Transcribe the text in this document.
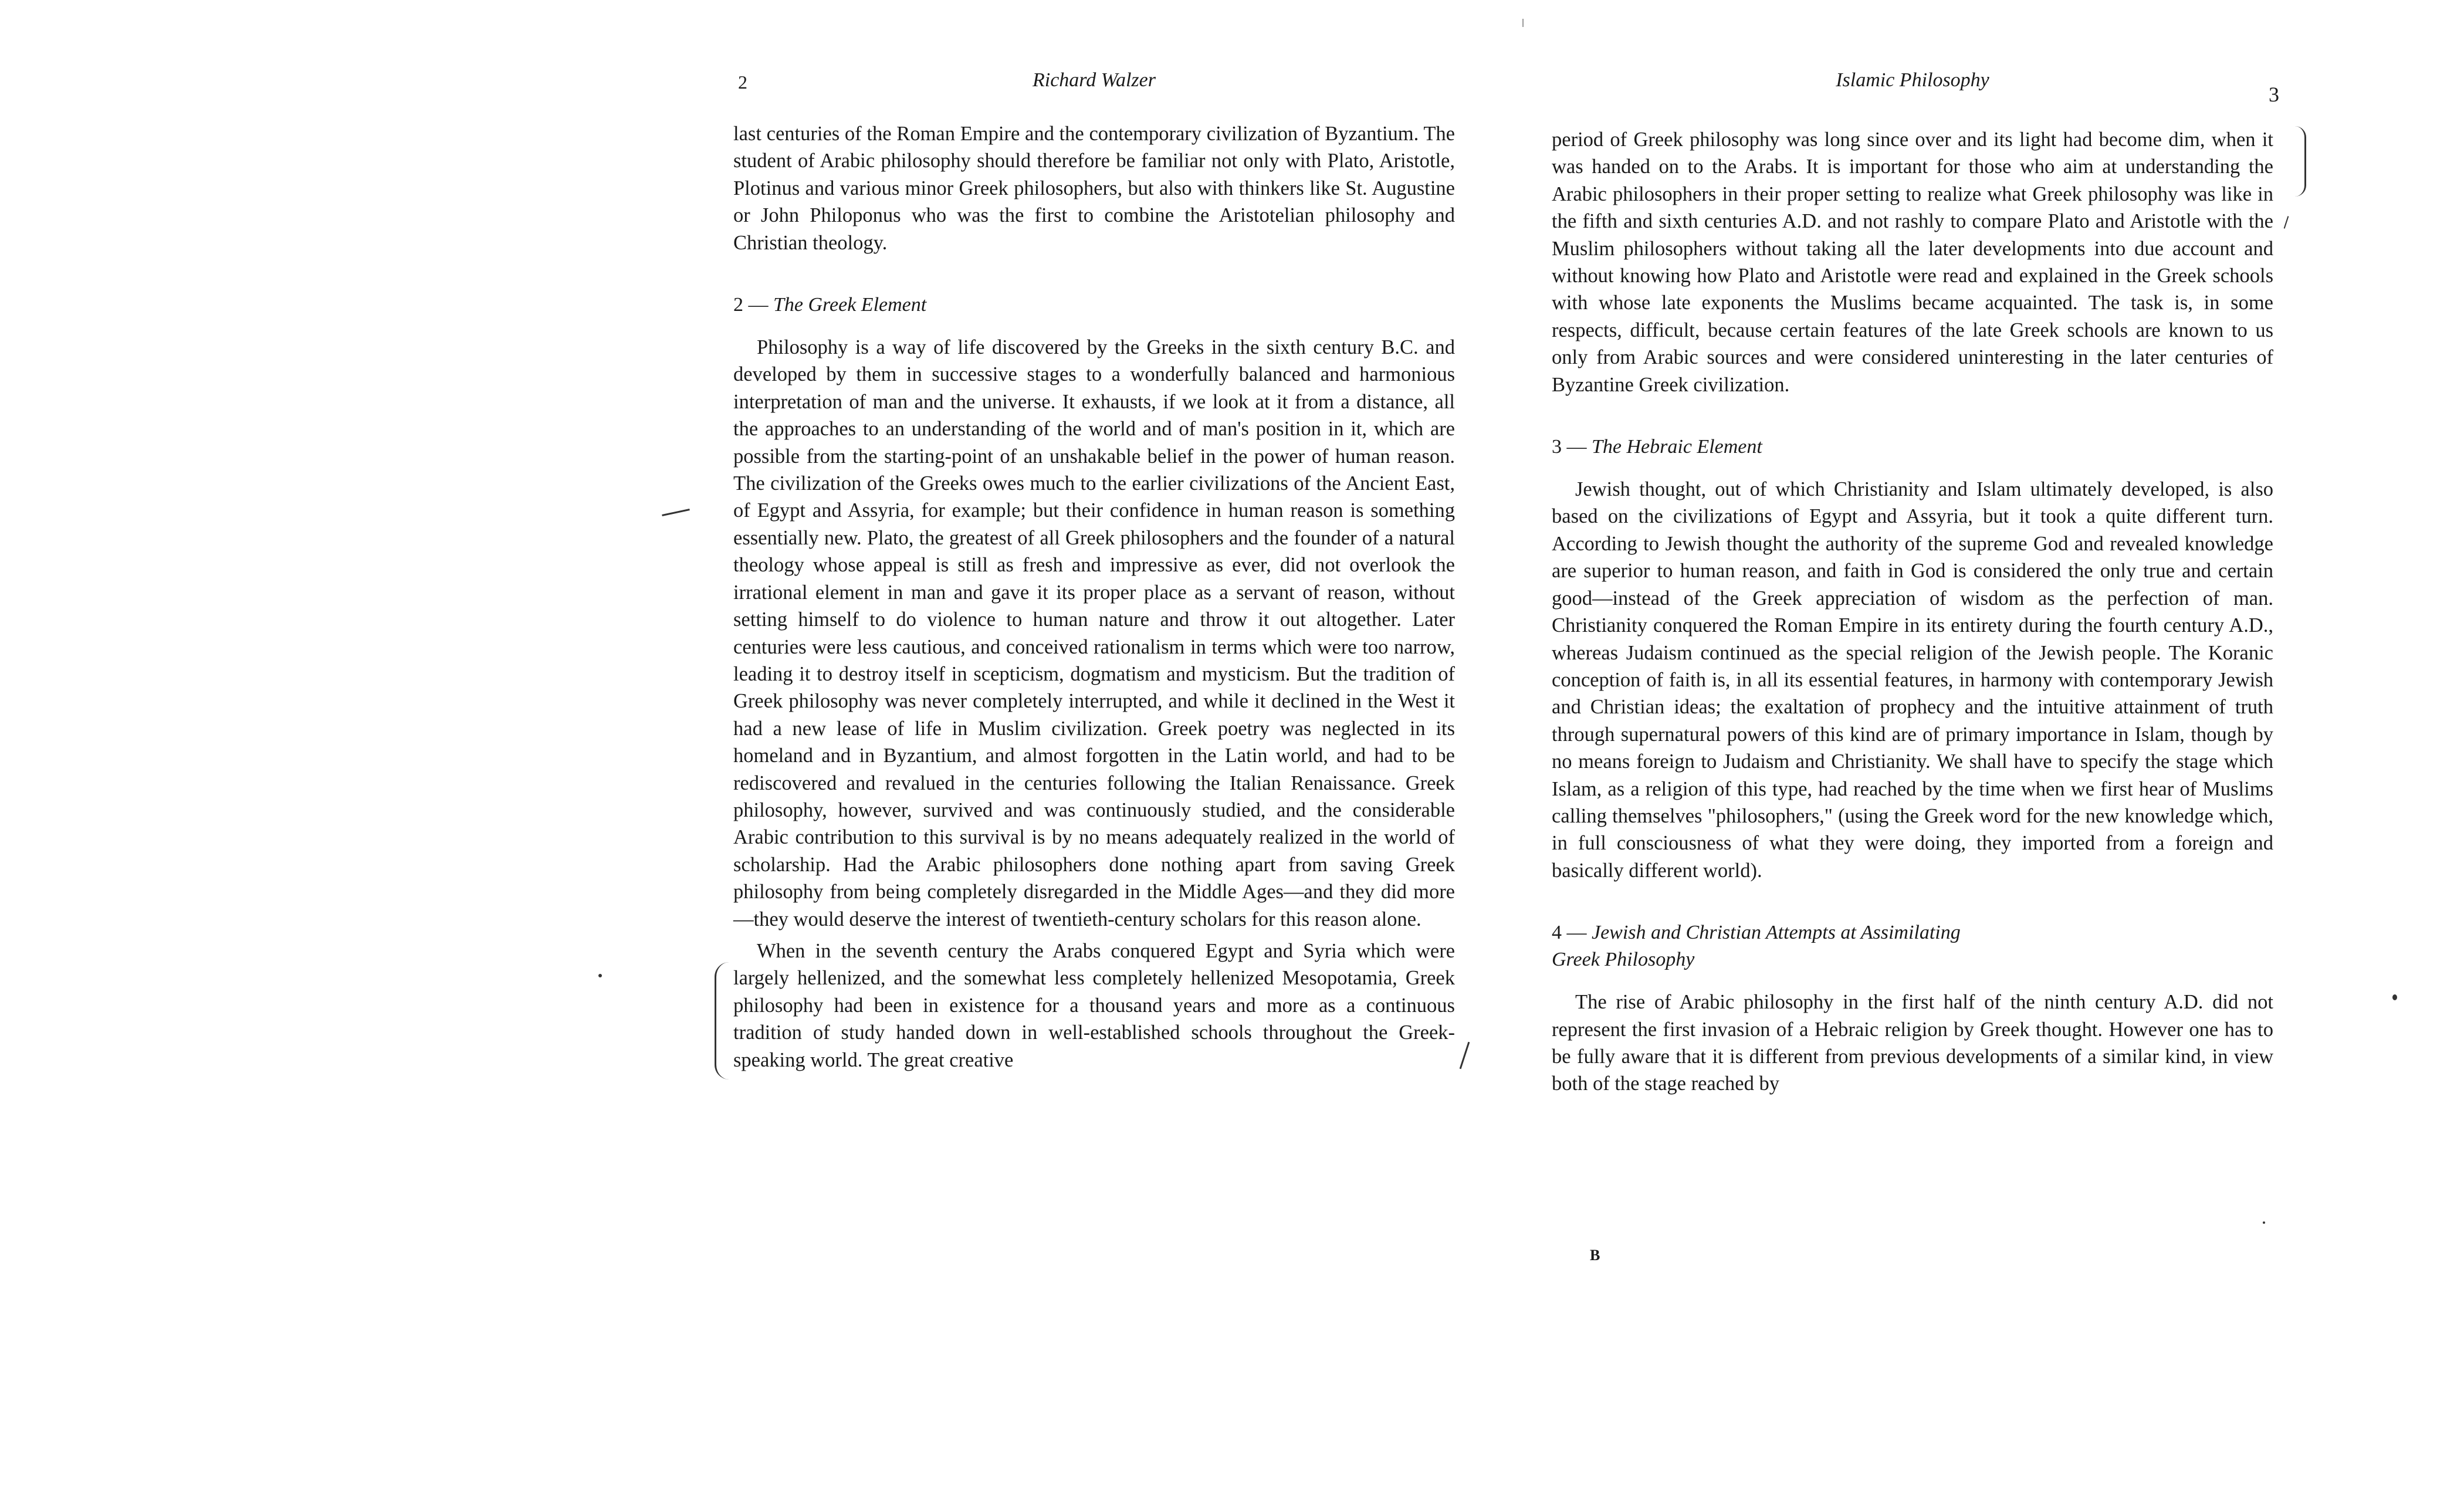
2	Richard Walzer

last centuries of the Roman Empire and the contemporary civilization of Byzantium. The student of Arabic philosophy should therefore be familiar not only with Plato, Aristotle, Plotinus and various minor Greek philosophers, but also with thinkers like St. Augustine or John Philoponus who was the first to combine the Aristotelian philosophy and Christian theology.

2 — The Greek Element

Philosophy is a way of life discovered by the Greeks in the sixth century B.C. and developed by them in successive stages to a wonderfully balanced and harmonious interpretation of man and the universe. It exhausts, if we look at it from a distance, all the approaches to an understanding of the world and of man's position in it, which are possible from the starting-point of an unshakable belief in the power of human reason. The civilization of the Greeks owes much to the earlier civilizations of the Ancient East, of Egypt and Assyria, for example; but their confidence in human reason is something essentially new. Plato, the greatest of all Greek philosophers and the founder of a natural theology whose appeal is still as fresh and impressive as ever, did not overlook the irrational element in man and gave it its proper place as a servant of reason, without setting himself to do violence to human nature and throw it out altogether. Later centuries were less cautious, and conceived rationalism in terms which were too narrow, leading it to destroy itself in scepticism, dogmatism and mysticism. But the tradition of Greek philosophy was never completely interrupted, and while it declined in the West it had a new lease of life in Muslim civilization. Greek poetry was neglected in its homeland and in Byzantium, and almost forgotten in the Latin world, and had to be rediscovered and revalued in the centuries following the Italian Renaissance. Greek philosophy, however, survived and was continuously studied, and the considerable Arabic contribution to this survival is by no means adequately realized in the world of scholarship. Had the Arabic philosophers done nothing apart from saving Greek philosophy from being completely disregarded in the Middle Ages—and they did more—they would deserve the interest of twentieth-century scholars for this reason alone.

When in the seventh century the Arabs conquered Egypt and Syria which were largely hellenized, and the somewhat less completely hellenized Mesopotamia, Greek philosophy had been in existence for a thousand years and more as a continuous tradition of study handed down in well-established schools throughout the Greek-speaking world. The great creative

Islamic Philosophy
3

period of Greek philosophy was long since over and its light had become dim, when it was handed on to the Arabs. It is important for those who aim at understanding the Arabic philosophers in their proper setting to realize what Greek philosophy was like in the fifth and sixth centuries A.D. and not rashly to compare Plato and Aristotle with the Muslim philosophers without taking all the later developments into due account and without knowing how Plato and Aristotle were read and explained in the Greek schools with whose late exponents the Muslims became acquainted. The task is, in some respects, difficult, because certain features of the late Greek schools are known to us only from Arabic sources and were considered uninteresting in the later centuries of Byzantine Greek civilization.

3 — The Hebraic Element

Jewish thought, out of which Christianity and Islam ultimately developed, is also based on the civilizations of Egypt and Assyria, but it took a quite different turn. According to Jewish thought the authority of the supreme God and revealed knowledge are superior to human reason, and faith in God is considered the only true and certain good—instead of the Greek appreciation of wisdom as the perfection of man. Christianity conquered the Roman Empire in its entirety during the fourth century A.D., whereas Judaism continued as the special religion of the Jewish people. The Koranic conception of faith is, in all its essential features, in harmony with contemporary Jewish and Christian ideas; the exaltation of prophecy and the intuitive attainment of truth through supernatural powers of this kind are of primary importance in Islam, though by no means foreign to Judaism and Christianity. We shall have to specify the stage which Islam, as a religion of this type, had reached by the time when we first hear of Muslims calling themselves "philosophers," (using the Greek word for the new knowledge which, in full consciousness of what they were doing, they imported from a foreign and basically different world).

4 — Jewish and Christian Attempts at Assimilating

Greek Philosophy

The rise of Arabic philosophy in the first half of the ninth century A.D. did not represent the first invasion of a Hebraic religion by Greek thought. However one has to be fully aware that it is different from previous developments of a similar kind, in view both of the stage reached by

B
